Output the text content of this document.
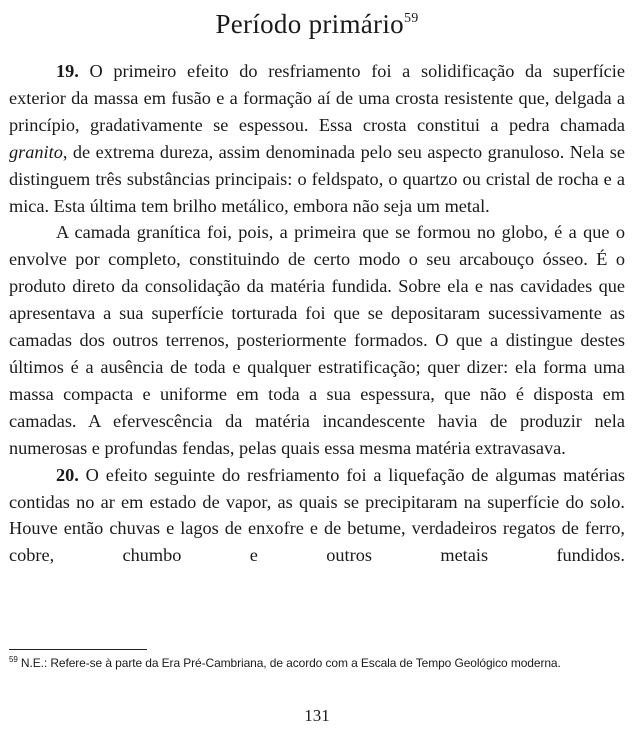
Período primário$^{59}$

19. O primeiro efeito do resfriamento foi a solidificação da superfície exterior da massa em fusão e a formação aí de uma crosta resistente que, delgada a princípio, gradativamente se espessou. Essa crosta constitui a pedra chamada granito, de extrema dureza, assim denominada pelo seu aspecto granuloso. Nela se distinguem três substâncias principais: o feldspato, o quartzo ou cristal de rocha e a mica. Esta última tem brilho metálico, embora não seja um metal.

A camada granítica foi, pois, a primeira que se formou no globo, é a que o envolve por completo, constituindo de certo modo o seu arcabouço ósseo. É o produto direto da consolidação da matéria fundida. Sobre ela e nas cavidades que apresentava a sua superfície torturada foi que se depositaram sucessivamente as camadas dos outros terrenos, posteriormente formados. O que a distingue destes últimos é a ausência de toda e qualquer estratificação; quer dizer: ela forma uma massa compacta e uniforme em toda a sua espessura, que não é disposta em camadas. A efervescência da matéria incandescente havia de produzir nela numerosas e profundas fendas, pelas quais essa mesma matéria extravasava.

20. O efeito seguinte do resfriamento foi a liquefação de algumas matérias contidas no ar em estado de vapor, as quais se precipitaram na superfície do solo. Houve então chuvas e lagos de enxofre e de betume, verdadeiros regatos de ferro, cobre, chumbo e outros metais fundidos.

$^{59}$ N.E.: Refere-se à parte da Era Pré-Cambriana, de acordo com a Escala de Tempo Geológico moderna.
131
